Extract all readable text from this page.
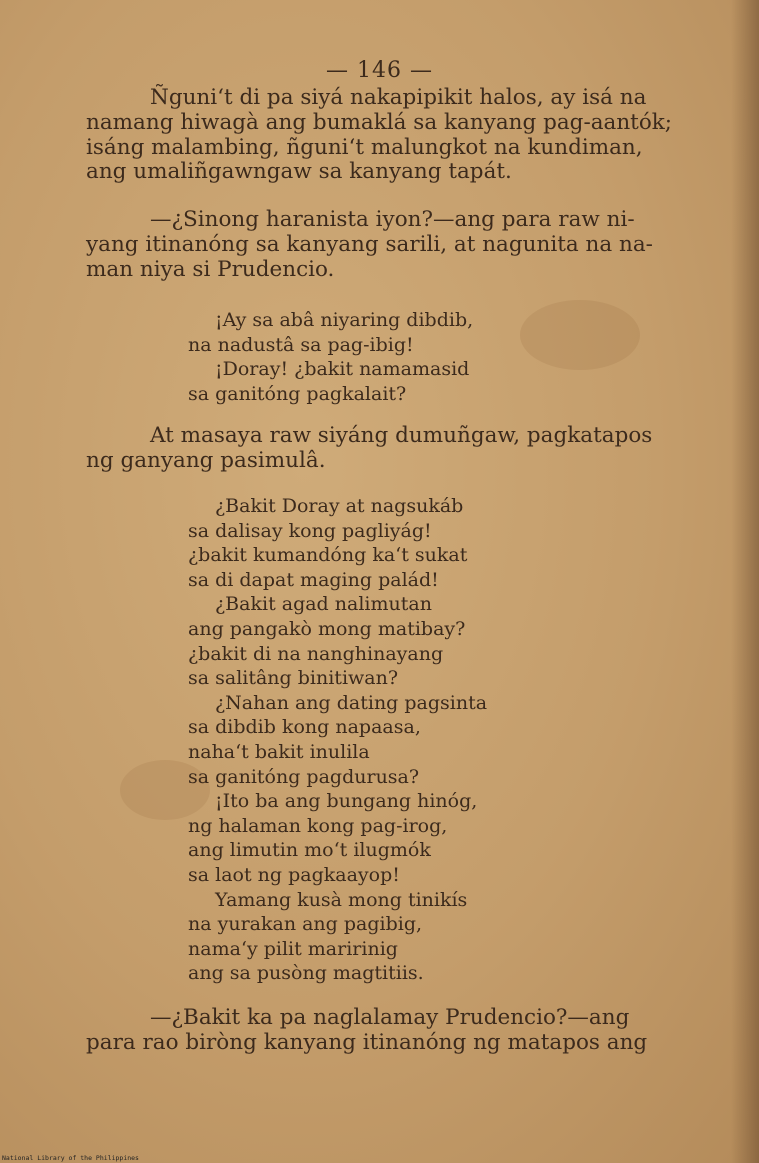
— 146 —

Ñguni‘t di pa siyá nakapipikit halos, ay isá na

namang hiwagà ang bumaklá sa kanyang pag-aantók;

isáng malambing, ñguni‘t malungkot na kundiman,

ang umaliñgawngaw sa kanyang tapát.

—¿Sinong haranista iyon?—ang para raw ni-

yang itinanóng sa kanyang sarili, at nagunita na na-

man niya si Prudencio.

¡Ay sa abâ niyaring dibdib,
na nadustâ sa pag-ibig!
¡Doray! ¿bakit namamasid
sa ganitóng pagkalait?

At masaya raw siyáng dumuñgaw, pagkatapos

ng ganyang pasimulâ.

¿Bakit Doray at nagsukáb
sa dalisay kong pagliyág!
¿bakit kumandóng ka‘t sukat
sa di dapat maging palád!
¿Bakit agad nalimutan
ang pangakò mong matibay?
¿bakit di na nanghinayang
sa salitâng binitiwan?
¿Nahan ang dating pagsinta
sa dibdib kong napaasa,
naha‘t bakit inulila
sa ganitóng pagdurusa?
¡Ito ba ang bungang hinóg,
ng halaman kong pag-irog,
ang limutin mo‘t ilugmók
sa laot ng pagkaayop!
Yamang kusà mong tinikís
na yurakan ang pagibig,
nama‘y pilit maririnig
ang sa pusòng magtitiis.

—¿Bakit ka pa naglalamay Prudencio?—ang

para rao biròng kanyang itinanóng ng matapos ang

National Library of the Philippines
